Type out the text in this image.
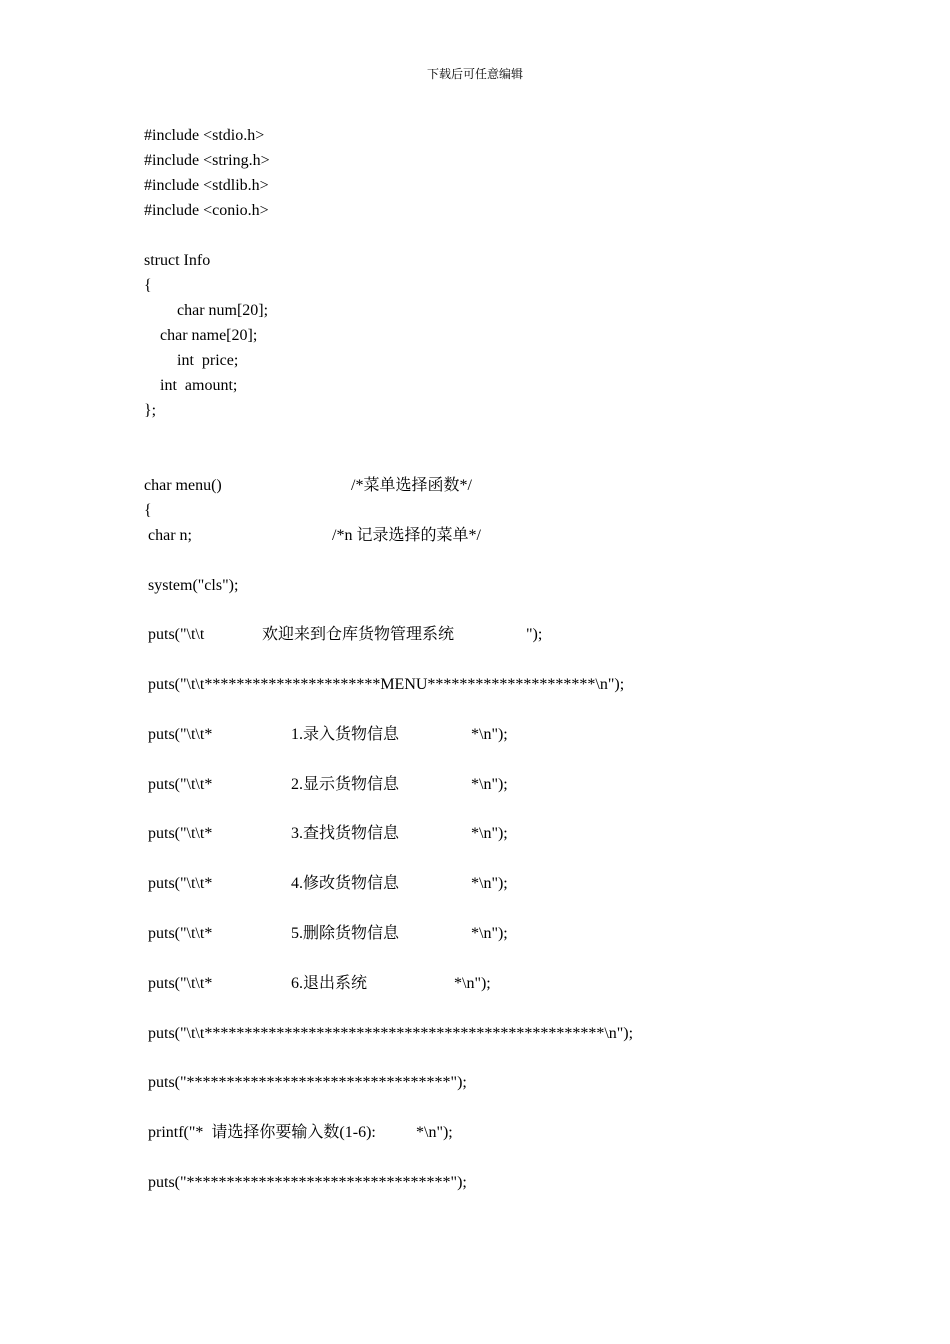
下载后可任意编辑
#include <stdio.h>
#include <string.h>
#include <stdlib.h>
#include <conio.h>
struct Info
{
char num[20];
char name[20];
int  price;
int  amount;
};

char menu()

	/*菜单选择函数*/

{

char n;

	/*n 记录选择的菜单*/

system("cls");

puts("\t\t

	欢迎来到仓库货物管理系统

	");

puts("\t\t**********************MENU*********************\n");

puts("\t\t*

	1.录入货物信息

	*\n");

puts("\t\t*

	2.显示货物信息

	*\n");

puts("\t\t*

	3.查找货物信息

	*\n");

puts("\t\t*

	4.修改货物信息

	*\n");

puts("\t\t*

	5.删除货物信息

	*\n");

puts("\t\t*

	6.退出系统

	*\n");

puts("\t\t**************************************************\n");
puts("*********************************");

printf("*  请选择你要输入数(1-6):

	*\n");

puts("*********************************");
